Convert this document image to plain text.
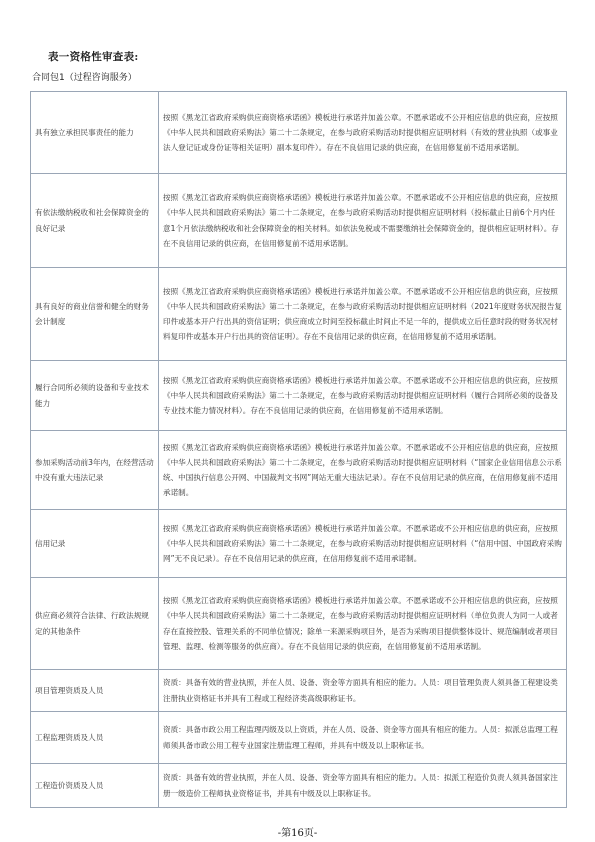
表一资格性审查表:
合同包1（过程咨询服务）
具有独立承担民事责任的能力	按照《黑龙江省政府采购供应商资格承诺函》模板进行承诺并加盖公章。不愿承诺或不公开相应信息的供应商，应按照《中华人民共和国政府采购法》第二十二条规定，在参与政府采购活动时提供相应证明材料（有效的营业执照（或事业法人登记证或身份证等相关证明）副本复印件）。存在不良信用记录的供应商，在信用修复前不适用承诺制。
有依法缴纳税收和社会保障资金的良好记录	按照《黑龙江省政府采购供应商资格承诺函》模板进行承诺并加盖公章。不愿承诺或不公开相应信息的供应商，应按照《中华人民共和国政府采购法》第二十二条规定，在参与政府采购活动时提供相应证明材料（投标截止日前6个月内任意1个月依法缴纳税收和社会保障资金的相关材料。如依法免税或不需要缴纳社会保障资金的，提供相应证明材料）。存在不良信用记录的供应商，在信用修复前不适用承诺制。
具有良好的商业信誉和健全的财务会计制度	按照《黑龙江省政府采购供应商资格承诺函》模板进行承诺并加盖公章。不愿承诺或不公开相应信息的供应商，应按照《中华人民共和国政府采购法》第二十二条规定，在参与政府采购活动时提供相应证明材料（2021年度财务状况报告复印件或基本开户行出具的资信证明；供应商成立时间至投标截止时间止不足一年的，提供成立后任意时段的财务状况材料复印件或基本开户行出具的资信证明）。存在不良信用记录的供应商，在信用修复前不适用承诺制。
履行合同所必须的设备和专业技术能力	按照《黑龙江省政府采购供应商资格承诺函》模板进行承诺并加盖公章。不愿承诺或不公开相应信息的供应商，应按照《中华人民共和国政府采购法》第二十二条规定，在参与政府采购活动时提供相应证明材料（履行合同所必须的设备及专业技术能力情况材料）。存在不良信用记录的供应商，在信用修复前不适用承诺制。
参加采购活动前3年内，在经营活动中没有重大违法记录	按照《黑龙江省政府采购供应商资格承诺函》模板进行承诺并加盖公章。不愿承诺或不公开相应信息的供应商，应按照《中华人民共和国政府采购法》第二十二条规定，在参与政府采购活动时提供相应证明材料（“国家企业信用信息公示系统、中国执行信息公开网、中国裁判文书网”网站无重大违法记录）。存在不良信用记录的供应商，在信用修复前不适用承诺制。
信用记录	按照《黑龙江省政府采购供应商资格承诺函》模板进行承诺并加盖公章。不愿承诺或不公开相应信息的供应商，应按照《中华人民共和国政府采购法》第二十二条规定，在参与政府采购活动时提供相应证明材料（“信用中国、中国政府采购网”无不良记录）。存在不良信用记录的供应商，在信用修复前不适用承诺制。
供应商必须符合法律、行政法规规定的其他条件	按照《黑龙江省政府采购供应商资格承诺函》模板进行承诺并加盖公章。不愿承诺或不公开相应信息的供应商，应按照《中华人民共和国政府采购法》第二十二条规定，在参与政府采购活动时提供相应证明材料（单位负责人为同一人或者存在直接控股、管理关系的不同单位情况；除单一来源采购项目外，是否为采购项目提供整体设计、规范编制或者项目管理、监理、检测等服务的供应商）。存在不良信用记录的供应商，在信用修复前不适用承诺制。
项目管理资质及人员	资质：具备有效的营业执照，并在人员、设备、资金等方面具有相应的能力。人员：项目管理负责人须具备工程建设类注册执业资格证书并具有工程或工程经济类高级职称证书。
工程监理资质及人员	资质：具备市政公用工程监理丙级及以上资质，并在人员、设备、资金等方面具有相应的能力。人员：拟派总监理工程师须具备市政公用工程专业国家注册监理工程师，并具有中级及以上职称证书。
工程造价资质及人员	资质：具备有效的营业执照，并在人员、设备、资金等方面具有相应的能力。人员：拟派工程造价负责人须具备国家注册一级造价工程师执业资格证书，并具有中级及以上职称证书。
-第16页-
